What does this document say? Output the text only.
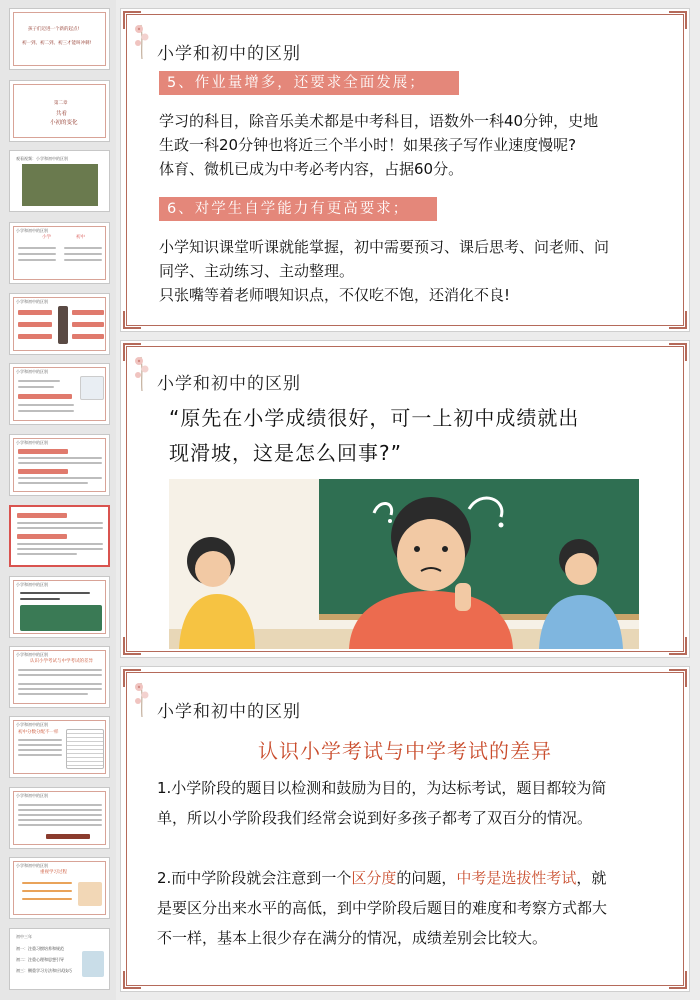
孩子们迈进一个新的起点!
初一到、初二到、初三才能叫冲刺!
第二章
共看
小初的变化
观看视频：小学和初中的区别
小学和初中的区别
小学	初中
小学和初中的区别
小学和初中的区别
小学和初中的区别
小学和初中的区别
小学和初中的区别
认识小学考试与中学考试的差异
小学和初中的区别
初中分数分配不一样
小学和初中的区别
小学和初中的区别
重视学习过程
初中三年
初一：注重习惯培养和规范
初二：注重心理和思想引导
初三：侧重学习方法和应试技巧
小学和初中的区别
5、作业量增多，还要求全面发展；
学习的科目，除音乐美术都是中考科目，语数外一科40分钟，史地
生政一科20分钟也将近三个半小时！如果孩子写作业速度慢呢?
体育、微机已成为中考必考内容，占据60分。
6、对学生自学能力有更高要求；
小学知识课堂听课就能掌握，初中需要预习、课后思考、问老师、问
同学、主动练习、主动整理。
只张嘴等着老师喂知识点，不仅吃不饱，还消化不良!
小学和初中的区别
“原先在小学成绩很好，可一上初中成绩就出
现滑坡，这是怎么回事?”
小学和初中的区别
认识小学考试与中学考试的差异
1.小学阶段的题目以检测和鼓励为目的，为达标考试，题目都较为简
单，所以小学阶段我们经常会说到好多孩子都考了双百分的情况。
2.而中学阶段就会注意到一个区分度的问题，中考是选拔性考试，就
是要区分出来水平的高低，到中学阶段后题目的难度和考察方式都大
不一样，基本上很少存在满分的情况，成绩差别会比较大。
